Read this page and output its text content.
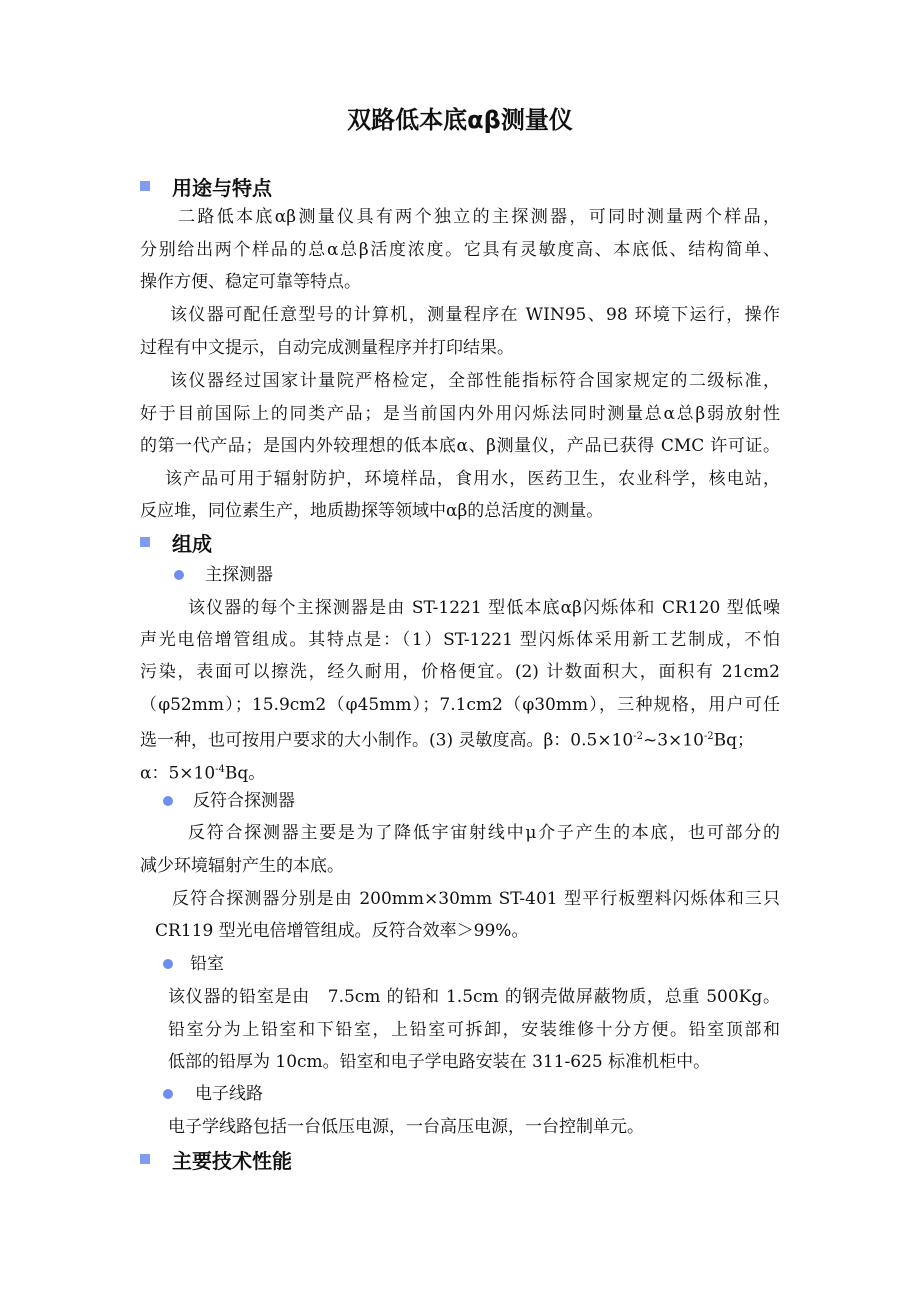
双路低本底αβ测量仪
用途与特点
二路低本底αβ测量仪具有两个独立的主探测器，可同时测量两个样品，
分别给出两个样品的总α总β活度浓度。它具有灵敏度高、本底低、结构简单、
操作方便、稳定可靠等特点。
该仪器可配任意型号的计算机，测量程序在 WIN95、98 环境下运行，操作
过程有中文提示，自动完成测量程序并打印结果。
该仪器经过国家计量院严格检定，全部性能指标符合国家规定的二级标准，
好于目前国际上的同类产品；是当前国内外用闪烁法同时测量总α总β弱放射性
的第一代产品；是国内外较理想的低本底α、β测量仪，产品已获得 CMC 许可证。
该产品可用于辐射防护，环境样品，食用水，医药卫生，农业科学，核电站，
反应堆，同位素生产，地质勘探等领域中αβ的总活度的测量。
组成
主探测器
该仪器的每个主探测器是由 ST-1221 型低本底αβ闪烁体和 CR120 型低噪
声光电倍增管组成。其特点是：（1）ST-1221 型闪烁体采用新工艺制成，不怕
污染，表面可以擦洗，经久耐用，价格便宜。(2) 计数面积大，面积有 21cm2
（φ52mm）；15.9cm2（φ45mm）；7.1cm2（φ30mm），三种规格，用户可任
选一种，也可按用户要求的大小制作。(3) 灵敏度高。β：$0.5\times 10^{-2}\sim 3\times 10^{-2}Bq$；
α：$5\times 10^{-4}Bq$。
反符合探测器
反符合探测器主要是为了降低宇宙射线中μ介子产生的本底，也可部分的
减少环境辐射产生的本底。
反符合探测器分别是由 200mm×30mm ST-401 型平行板塑料闪烁体和三只
CR119 型光电倍增管组成。反符合效率＞99%。
铅室
该仪器的铅室是由　7.5cm 的铅和 1.5cm 的钢壳做屏蔽物质，总重 500Kg。
铅室分为上铅室和下铅室，上铅室可拆卸，安装维修十分方便。铅室顶部和
低部的铅厚为 10cm。铅室和电子学电路安装在 311-625 标准机柜中。
电子线路
电子学线路包括一台低压电源，一台高压电源，一台控制单元。
主要技术性能
